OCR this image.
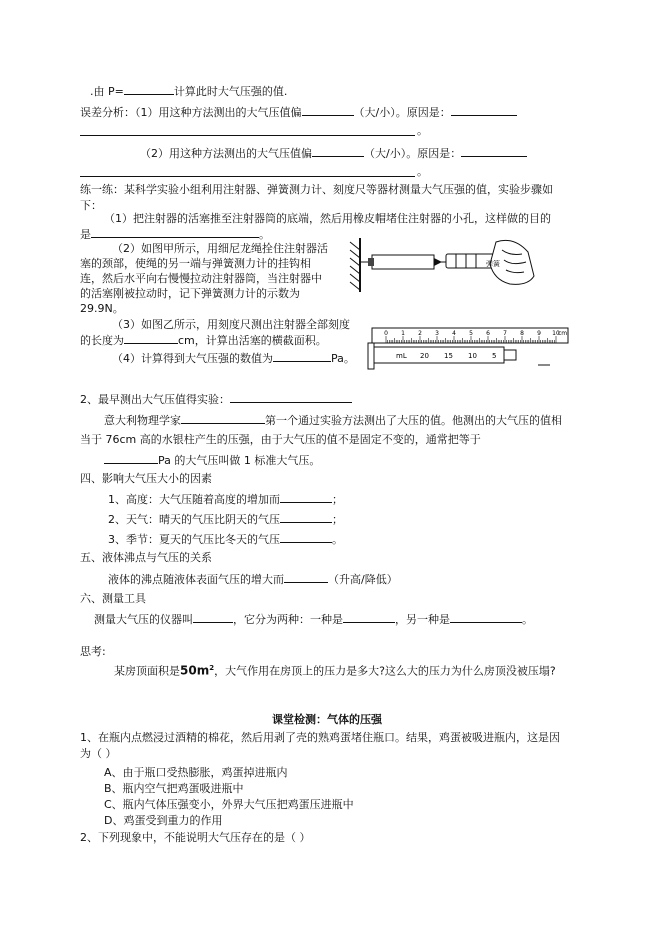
.由 P=	计算此时大气压强的值.
误差分析：（1）用这种方法测出的大气压值偏	（大/小）。原因是：
。
（2）用这种方法测出的大气压值偏	（大/小）。原因是：
。
练一练：某科学实验小组利用注射器、弹簧测力计、刻度尺等器材测量大气压强的值，实验步骤如
下：
（1）把注射器的活塞推至注射器筒的底端，然后用橡皮帽堵住注射器的小孔，这样做的目的
是	。
（2）如图甲所示，用细尼龙绳拴住注射器活
塞的颈部，使绳的另一端与弹簧测力计的挂钩相
连，然后水平向右慢慢拉动注射器筒，当注射器中
的活塞刚被拉动时，记下弹簧测力计的示数为
29.9N。
弹簧
（3）如图乙所示，用刻度尺测出注射器全部刻度
的长度为	cm，计算出活塞的横截面积。
（4）计算得到大气压强的数值为	Pa。
0 1 2 3 4 5 6 7 8 9 10
cm
mL 20 15 10 5
2、最早测出大气压值得实验：
意大利物理学家	第一个通过实验方法测出了大压的值。他测出的大气压的值相
当于 76cm 高的水银柱产生的压强，由于大气压的值不是固定不变的，通常把等于
Pa 的大气压叫做 1 标准大气压。
四、影响大气压大小的因素
1、高度：大气压随着高度的增加而	；
2、天气：晴天的气压比阴天的气压	；
3、季节：夏天的气压比冬天的气压	。
五、液体沸点与气压的关系
液体的沸点随液体表面气压的增大而	（升高/降低）
六、测量工具
测量大气压的仪器叫	，它分为两种：一种是	，另一种是	。
思考:
某房顶面积是$50m^2$，大气作用在房顶上的压力是多大?这么大的压力为什么房顶没被压塌?
课堂检测：气体的压强
1、在瓶内点燃浸过酒精的棉花，然后用剥了壳的熟鸡蛋堵住瓶口。结果，鸡蛋被吸进瓶内，这是因
为（ ）
A、由于瓶口受热膨胀，鸡蛋掉进瓶内
B、瓶内空气把鸡蛋吸进瓶中
C、瓶内气体压强变小，外界大气压把鸡蛋压进瓶中
D、鸡蛋受到重力的作用
2、下列现象中，不能说明大气压存在的是（ ）
